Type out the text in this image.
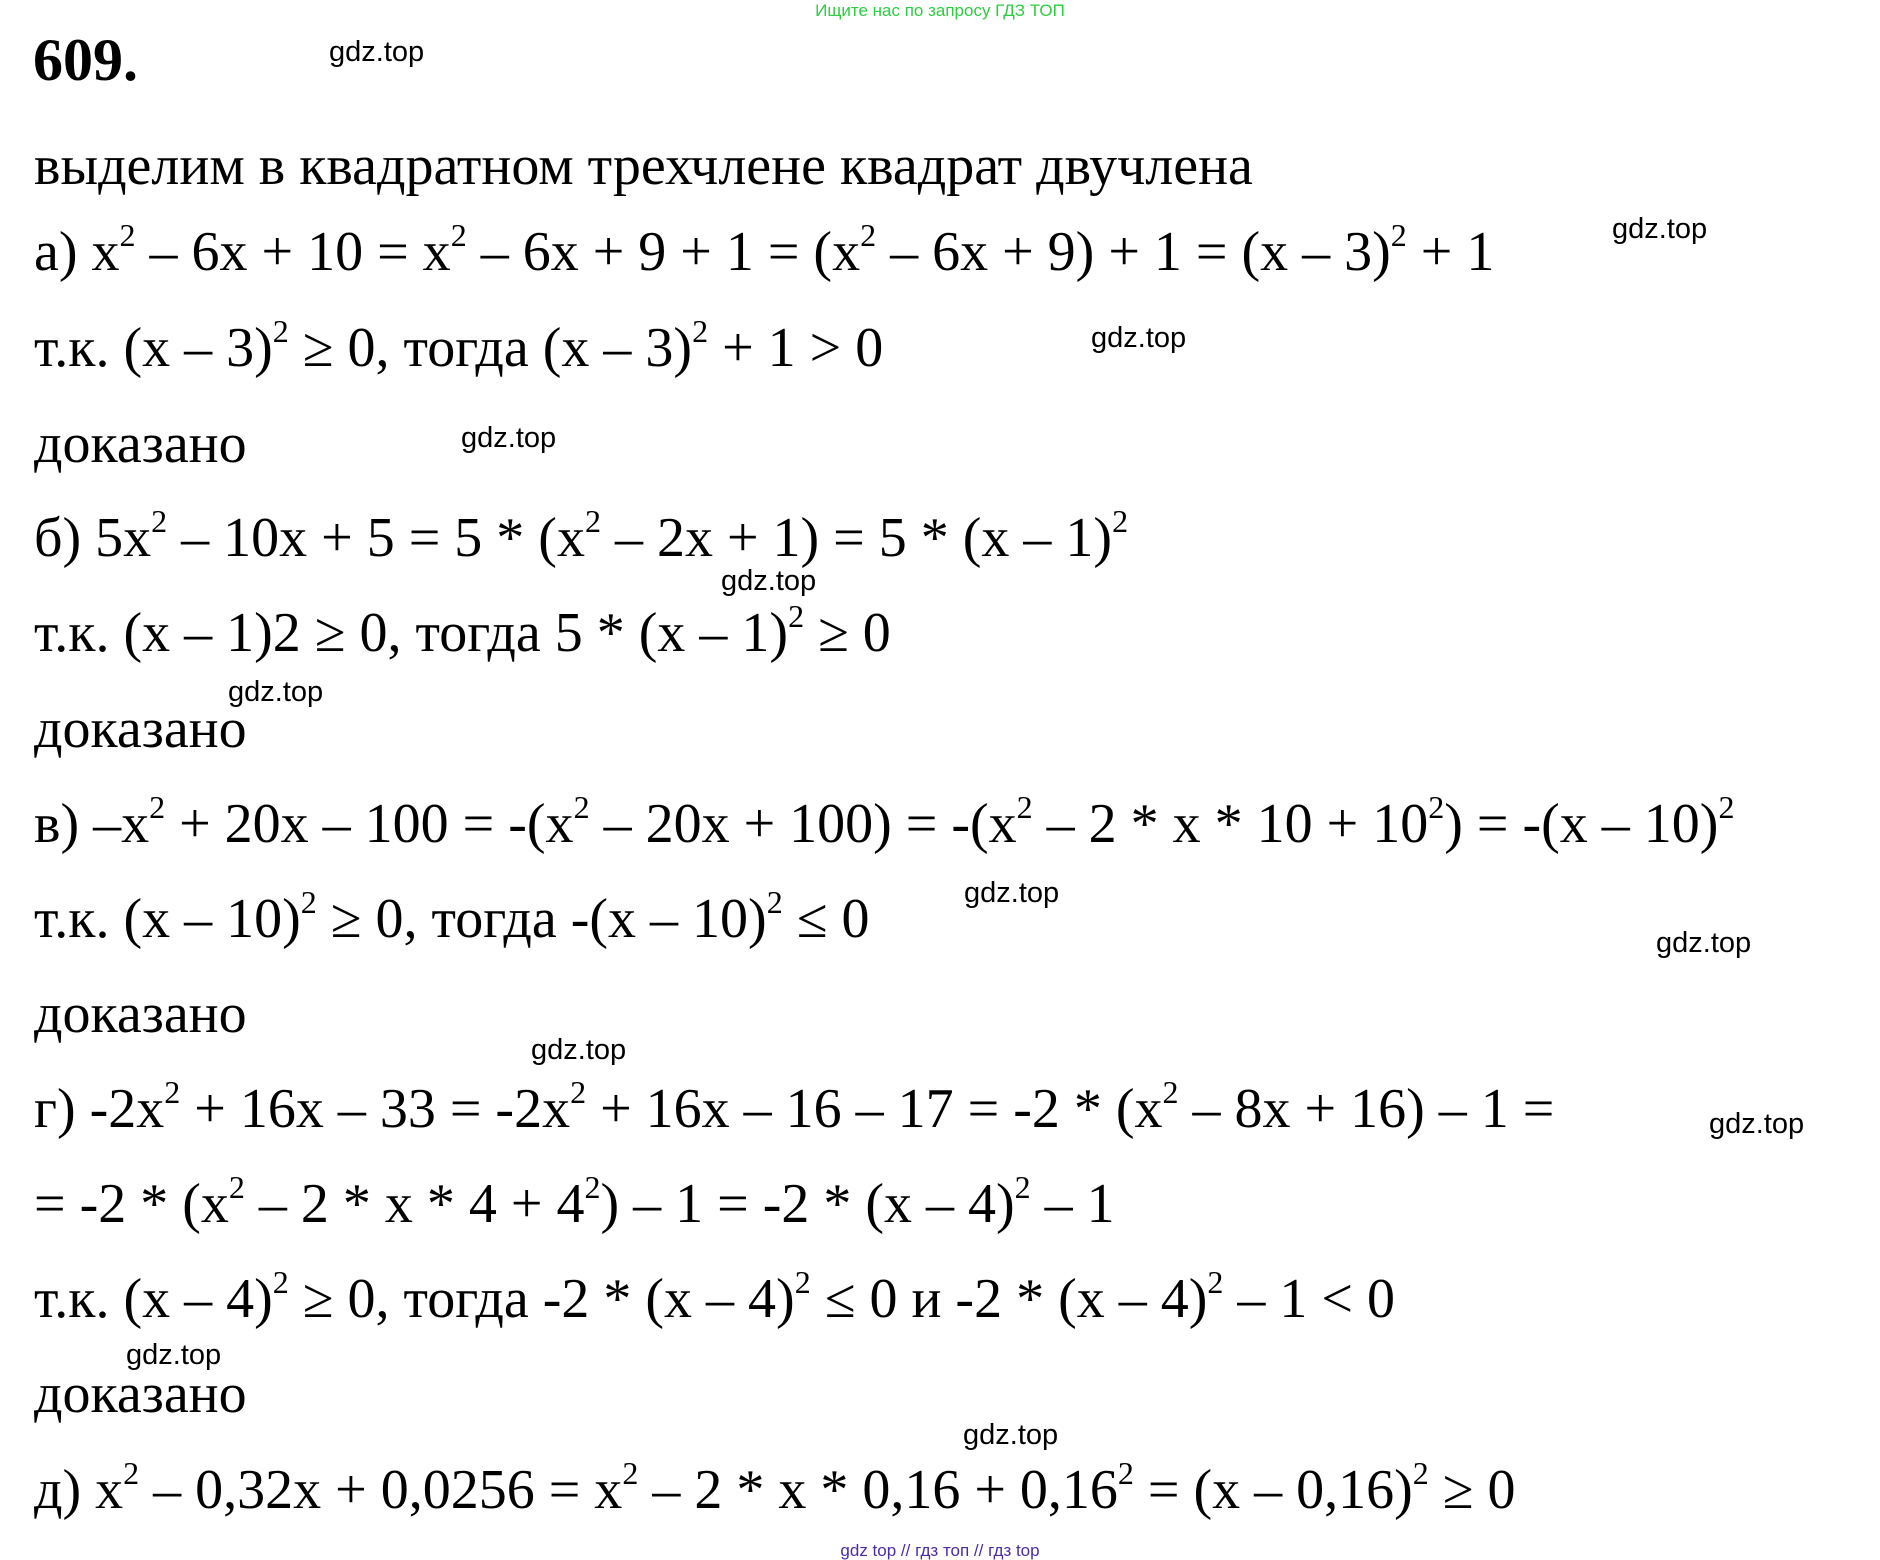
Ищите нас по запросу ГДЗ ТОП
609.
выделим в квадратном трехчлене квадрат двучлена
а) $x^2 - 6x + 10 = x^2 - 6x + 9 + 1 = (x^2 - 6x + 9) + 1 = (x - 3)^2 + 1$
т.к. (x – 3)$^2$ ≥ 0, тогда (x – 3)$^2$ + 1 > 0
доказано
б) $5x^2 - 10x + 5 = 5 * (x^2 - 2x + 1) = 5 * (x - 1)^2$
т.к. (x – 1)2 ≥ 0, тогда 5 * (x – 1)$^2$ ≥ 0
доказано
в) $-x^2 + 20x - 100 = -(x^2 - 20x + 100) = -(x^2 - 2 * x * 10 + 10^2) = -(x - 10)^2$
т.к. (x – 10)$^2$ ≥ 0, тогда -(x – 10)$^2$ ≤ 0
доказано
г) $-2x^2 + 16x - 33 = -2x^2 + 16x - 16 - 17 = -2 * (x^2 - 8x + 16) - 1$ =
= $-2 * (x^2 - 2 * x * 4 + 4^2) - 1 = -2 * (x - 4)^2 - 1$
т.к. (x – 4)$^2$ ≥ 0, тогда -2 * (x – 4)$^2$ ≤ 0 и -2 * (x – 4)$^2$ – 1 < 0
доказано
д) $x^2 - 0,32x + 0,0256 = x^2 - 2 * x * 0,16 + 0,16^2 = (x - 0,16)^2 \ge 0$
gdz.top
gdz.top
gdz.top
gdz.top
gdz.top
gdz.top
gdz.top
gdz.top
gdz.top
gdz.top
gdz.top
gdz.top
gdz top // гдз топ // гдз top
